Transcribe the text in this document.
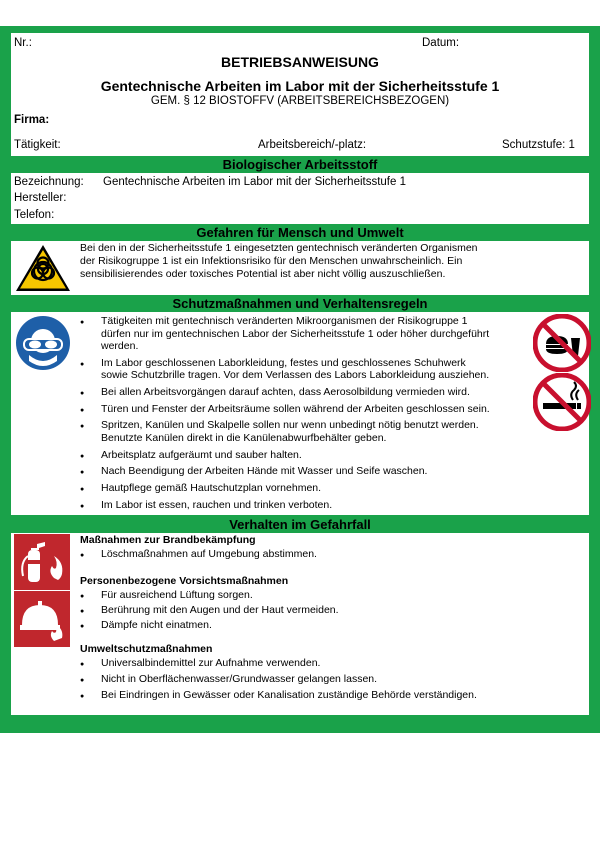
Nr.:	Datum:
BETRIEBSANWEISUNG
Gentechnische Arbeiten im Labor mit der Sicherheitsstufe 1
GEM. § 12 BIOSTOFFV (ARBEITSBEREICHSBEZOGEN)
Firma:
Tätigkeit:	Arbeitsbereich/-platz:	Schutzstufe: 1
Biologischer Arbeitsstoff
Bezeichnung: Gentechnische Arbeiten im Labor mit der Sicherheitsstufe 1
Hersteller:
Telefon:
Gefahren für Mensch und Umwelt
Bei den in der Sicherheitsstufe 1 eingesetzten gentechnisch veränderten Organismen
der Risikogruppe 1 ist ein Infektionsrisiko für den Menschen unwahrscheinlich. Ein
sensibilisierendes oder toxisches Potential ist aber nicht völlig auszuschließen.
Schutzmaßnahmen und Verhaltensregeln
● Tätigkeiten mit gentechnisch veränderten Mikroorganismen der Risikogruppe 1
dürfen nur im gentechnischen Labor der Sicherheitsstufe 1 oder höher durchgeführt
werden.
● Im Labor geschlossenen Laborkleidung, festes und geschlossenes Schuhwerk
sowie Schutzbrille tragen. Vor dem Verlassen des Labors Laborkleidung ausziehen.
● Bei allen Arbeitsvorgängen darauf achten, dass Aerosolbildung vermieden wird.
● Türen und Fenster der Arbeitsräume sollen während der Arbeiten geschlossen sein.
● Spritzen, Kanülen und Skalpelle sollen nur wenn unbedingt nötig benutzt werden.
Benutzte Kanülen direkt in die Kanülenabwurfbehälter geben.
● Arbeitsplatz aufgeräumt und sauber halten.
● Nach Beendigung der Arbeiten Hände mit Wasser und Seife waschen.
● Hautpflege gemäß Hautschutzplan vornehmen.
● Im Labor ist essen, rauchen und trinken verboten.
Verhalten im Gefahrfall
Maßnahmen zur Brandbekämpfung
● Löschmaßnahmen auf Umgebung abstimmen.
Personenbezogene Vorsichtsmaßnahmen
● Für ausreichend Lüftung sorgen.
● Berührung mit den Augen und der Haut vermeiden.
● Dämpfe nicht einatmen.
Umweltschutzmaßnahmen
● Universalbindemittel zur Aufnahme verwenden.
● Nicht in Oberflächenwasser/Grundwasser gelangen lassen.
● Bei Eindringen in Gewässer oder Kanalisation zuständige Behörde verständigen.
